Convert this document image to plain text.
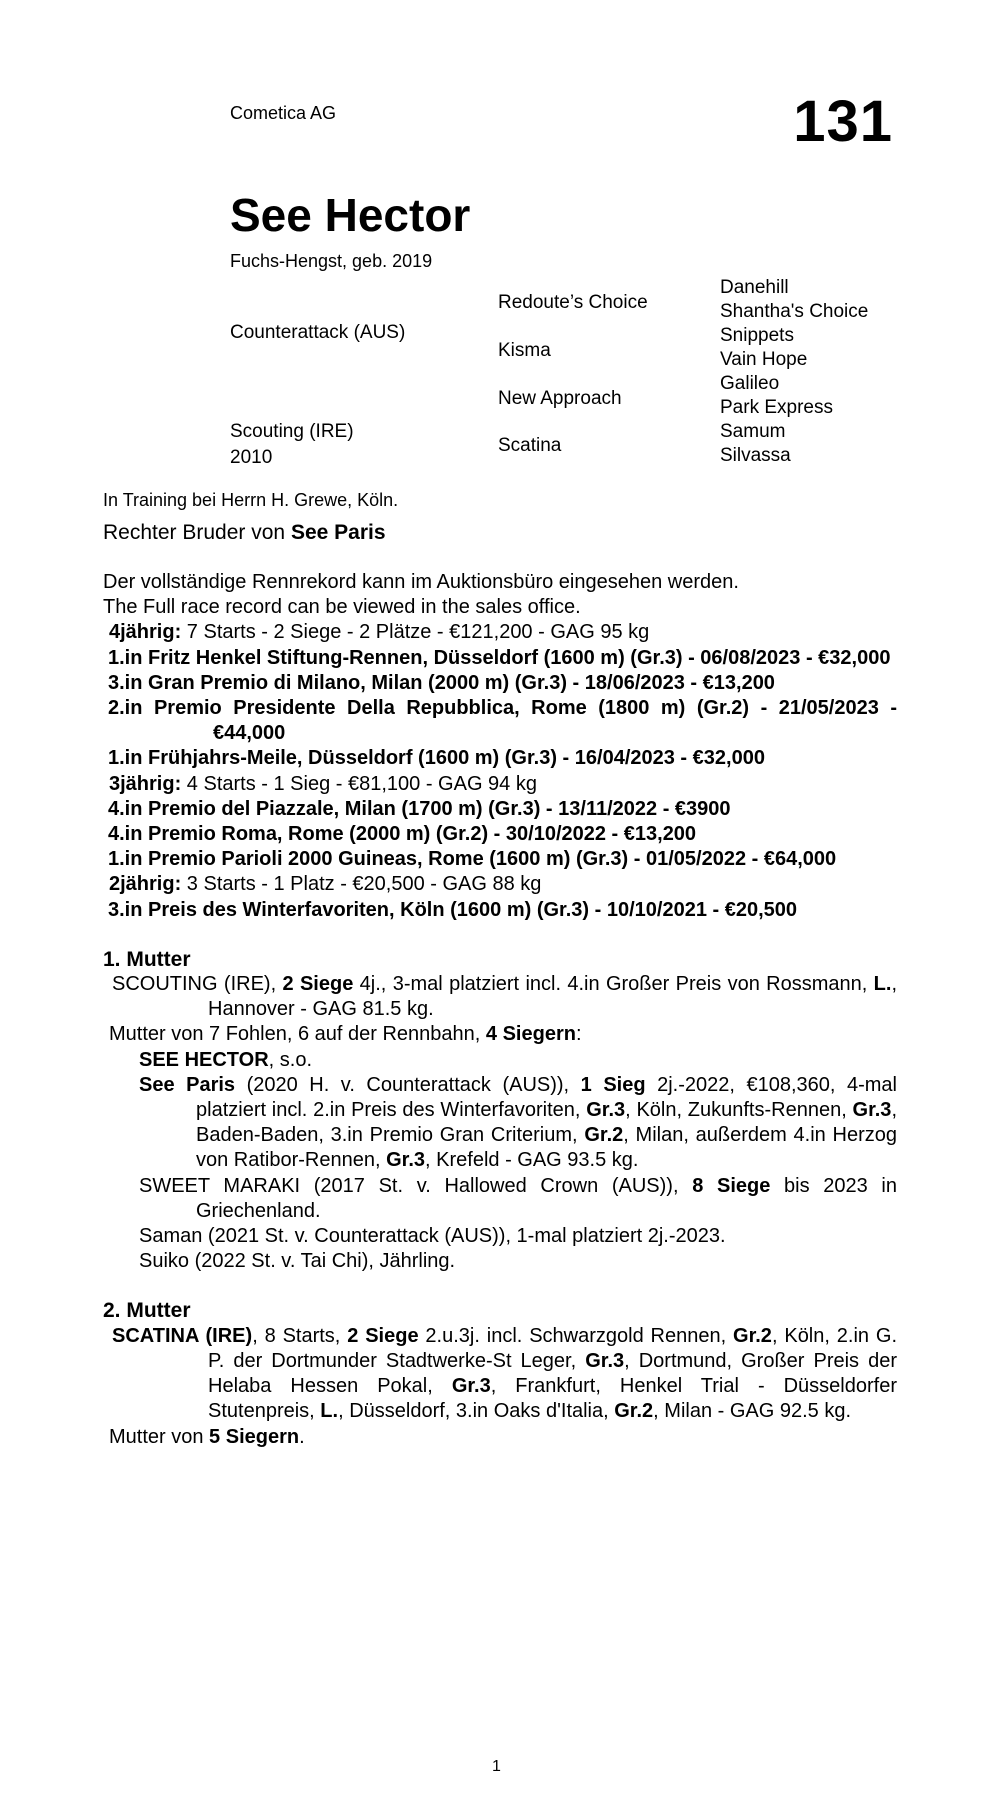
Cometica AG	131
See Hector
Fuchs-Hengst, geb. 2019
Counterattack (AUS)
Scouting (IRE)
2010
Redoute’s Choice
Kisma
New Approach
Scatina
Danehill
Shantha's Choice
Snippets
Vain Hope
Galileo
Park Express
Samum
Silvassa
In Training bei Herrn H. Grewe, Köln.
Rechter Bruder von See Paris
Der vollständige Rennrekord kann im Auktionsbüro eingesehen werden.
The Full race record can be viewed in the sales office.
4jährig: 7 Starts - 2 Siege - 2 Plätze - €121,200 - GAG 95 kg
1.in Fritz Henkel Stiftung-Rennen, Düsseldorf (1600 m) (Gr.3) - 06/08/2023 - €32,000
3.in Gran Premio di Milano, Milan (2000 m) (Gr.3) - 18/06/2023 - €13,200
2.in Premio Presidente Della Repubblica, Rome (1800 m) (Gr.2) - 21/05/2023 - €44,000
1.in Frühjahrs-Meile, Düsseldorf (1600 m) (Gr.3) - 16/04/2023 - €32,000
3jährig: 4 Starts - 1 Sieg - €81,100 - GAG 94 kg
4.in Premio del Piazzale, Milan (1700 m) (Gr.3) - 13/11/2022 - €3900
4.in Premio Roma, Rome (2000 m) (Gr.2) - 30/10/2022 - €13,200
1.in Premio Parioli 2000 Guineas, Rome (1600 m) (Gr.3) - 01/05/2022 - €64,000
2jährig: 3 Starts - 1 Platz - €20,500 - GAG 88 kg
3.in Preis des Winterfavoriten, Köln (1600 m) (Gr.3) - 10/10/2021 - €20,500
1. Mutter
SCOUTING (IRE), 2 Siege 4j., 3-mal platziert incl. 4.in Großer Preis von Rossmann, L., Hannover - GAG 81.5 kg.
Mutter von 7 Fohlen, 6 auf der Rennbahn, 4 Siegern:
SEE HECTOR, s.o.
See Paris (2020 H. v. Counterattack (AUS)), 1 Sieg 2j.-2022, €108,360, 4-mal platziert incl. 2.in Preis des Winterfavoriten, Gr.3, Köln, Zukunfts-Rennen, Gr.3, Baden-Baden, 3.in Premio Gran Criterium, Gr.2, Milan, außerdem 4.in Herzog von Ratibor-Rennen, Gr.3, Krefeld - GAG 93.5 kg.
SWEET MARAKI (2017 St. v. Hallowed Crown (AUS)), 8 Siege bis 2023 in Griechenland.
Saman (2021 St. v. Counterattack (AUS)), 1-mal platziert 2j.-2023.
Suiko (2022 St. v. Tai Chi), Jährling.
2. Mutter
SCATINA (IRE), 8 Starts, 2 Siege 2.u.3j. incl. Schwarzgold Rennen, Gr.2, Köln, 2.in G. P. der Dortmunder Stadtwerke-St Leger, Gr.3, Dortmund, Großer Preis der Helaba Hessen Pokal, Gr.3, Frankfurt, Henkel Trial - Düsseldorfer Stutenpreis, L., Düsseldorf, 3.in Oaks d'Italia, Gr.2, Milan - GAG 92.5 kg.
Mutter von 5 Siegern.
1
